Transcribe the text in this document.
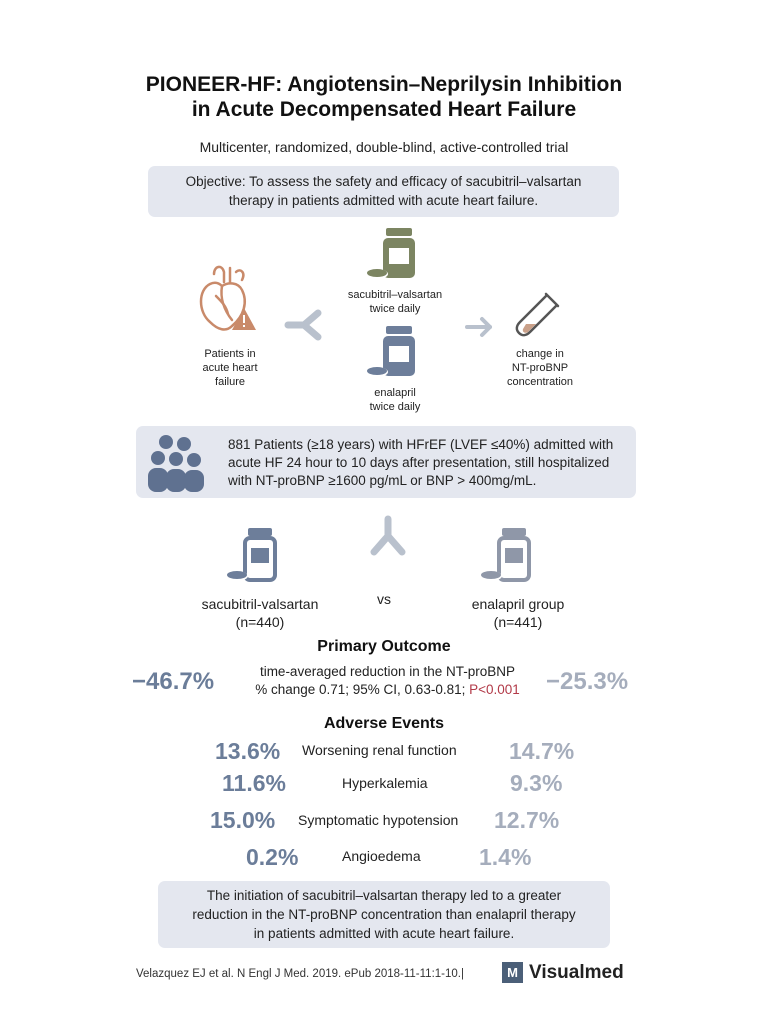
PIONEER-HF: Angiotensin–Neprilysin Inhibition
in Acute Decompensated Heart Failure
Multicenter, randomized, double-blind, active-controlled trial
Objective: To assess the safety and efficacy of sacubitril–valsartan
therapy in patients admitted with acute heart failure.
Patients in
acute heart
failure
sacubitril–valsartan
twice daily
enalapril
twice daily
change in
NT-proBNP
concentration
881 Patients (≥18 years) with HFrEF (LVEF ≤40%) admitted with
acute HF 24 hour to 10 days after presentation, still hospitalized
with NT-proBNP ≥1600 pg/mL or BNP > 400mg/mL.
sacubitril-valsartan
(n=440)
vs	enalapril group
(n=441)
Primary Outcome
−46.7%	time-averaged reduction in the NT-proBNP
% change 0.71; 95% CI, 0.63-0.81; P<0.001	−25.3%
Adverse Events
13.6% Worsening renal function 14.7%
11.6%	Hyperkalemia	9.3%
15.0% Symptomatic hypotension 12.7%
0.2%	Angioedema	1.4%
The initiation of sacubitril–valsartan therapy led to a greater
reduction in the NT-proBNP concentration than enalapril therapy
in patients admitted with acute heart failure.
Velazquez EJ et al. N Engl J Med. 2019. ePub 2018-11-11:1-10.|	M Visualmed
